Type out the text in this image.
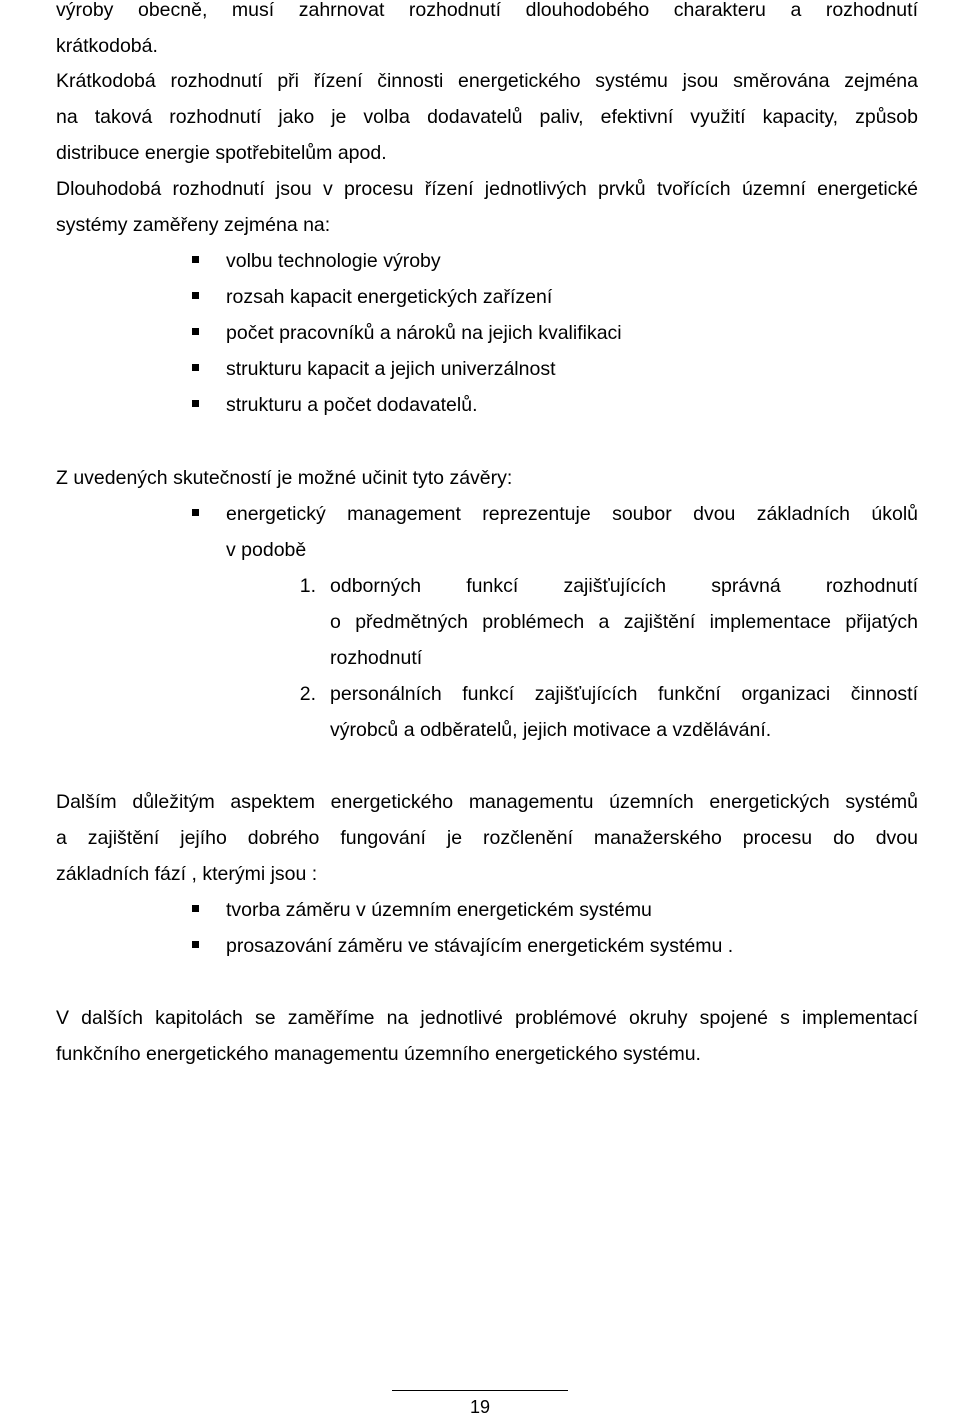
výroby obecně, musí zahrnovat rozhodnutí dlouhodobého charakteru a rozhodnutí
krátkodobá.
Krátkodobá rozhodnutí při řízení činnosti energetického systému jsou směrována zejména
na taková rozhodnutí jako je volba dodavatelů paliv, efektivní využití kapacity, způsob
distribuce energie spotřebitelům apod.
Dlouhodobá rozhodnutí jsou v procesu řízení jednotlivých prvků tvořících územní energetické
systémy zaměřeny zejména na:
volbu technologie výroby
rozsah kapacit energetických zařízení
počet pracovníků a nároků na jejich kvalifikaci
strukturu kapacit a jejich univerzálnost
strukturu a počet dodavatelů.
Z uvedených skutečností je možné učinit tyto závěry:
energetický management reprezentuje soubor dvou základních úkolů
v podobě
1. odborných funkcí zajišťujících správná rozhodnutí
o předmětných problémech a zajištění implementace přijatých
rozhodnutí
2. personálních funkcí zajišťujících funkční organizaci činností
výrobců a odběratelů, jejich motivace a vzdělávání.
Dalším důležitým aspektem energetického managementu územních energetických systémů
a zajištění jejího dobrého fungování je rozčlenění manažerského procesu do dvou
základních fází , kterými jsou :
tvorba záměru v územním energetickém systému
prosazování záměru ve stávajícím energetickém systému .
V dalších kapitolách se zaměříme na jednotlivé problémové okruhy spojené s implementací
funkčního energetického managementu územního energetického systému.
19
